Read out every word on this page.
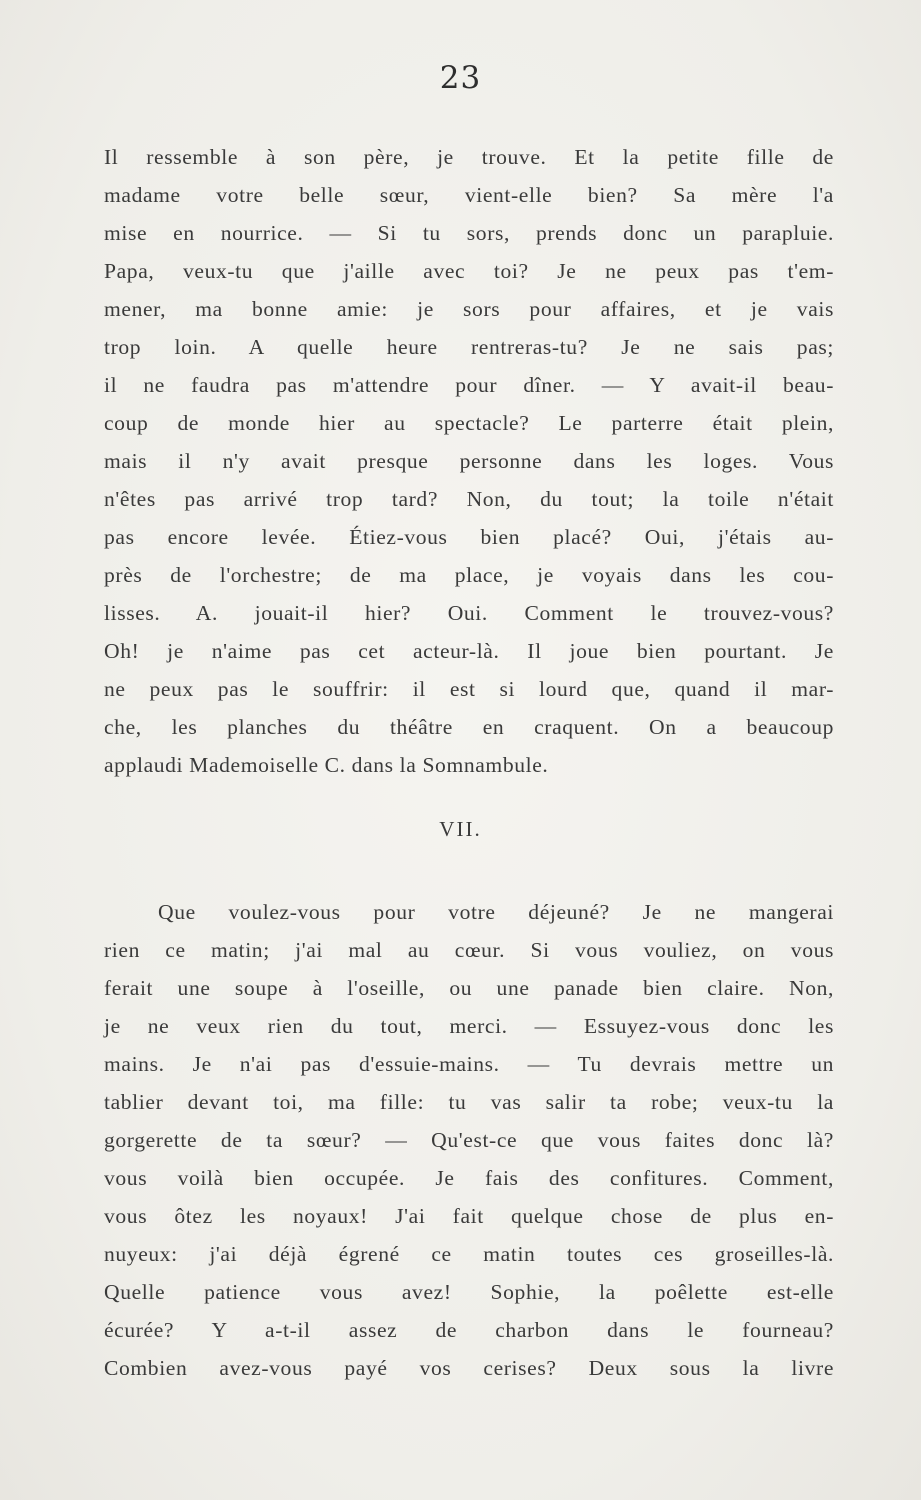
23
Il ressemble à son père, je trouve. Et la petite fille de
madame votre belle sœur, vient-elle bien? Sa mère l'a
mise en nourrice. — Si tu sors, prends donc un parapluie.
Papa, veux-tu que j'aille avec toi? Je ne peux pas t'em-
mener, ma bonne amie: je sors pour affaires, et je vais
trop loin. A quelle heure rentreras-tu? Je ne sais pas;
il ne faudra pas m'attendre pour dîner. — Y avait-il beau-
coup de monde hier au spectacle? Le parterre était plein,
mais il n'y avait presque personne dans les loges. Vous
n'êtes pas arrivé trop tard? Non, du tout; la toile n'était
pas encore levée. Étiez-vous bien placé? Oui, j'étais au-
près de l'orchestre; de ma place, je voyais dans les cou-
lisses. A. jouait-il hier? Oui. Comment le trouvez-vous?
Oh! je n'aime pas cet acteur-là. Il joue bien pourtant. Je
ne peux pas le souffrir: il est si lourd que, quand il mar-
che, les planches du théâtre en craquent. On a beaucoup
applaudi Mademoiselle C. dans la Somnambule.
VII.
Que voulez-vous pour votre déjeuné? Je ne mangerai
rien ce matin; j'ai mal au cœur. Si vous vouliez, on vous
ferait une soupe à l'oseille, ou une panade bien claire. Non,
je ne veux rien du tout, merci. — Essuyez-vous donc les
mains. Je n'ai pas d'essuie-mains. — Tu devrais mettre un
tablier devant toi, ma fille: tu vas salir ta robe; veux-tu la
gorgerette de ta sœur? — Qu'est-ce que vous faites donc là?
vous voilà bien occupée. Je fais des confitures. Comment,
vous ôtez les noyaux! J'ai fait quelque chose de plus en-
nuyeux: j'ai déjà égrené ce matin toutes ces groseilles-là.
Quelle patience vous avez! Sophie, la poêlette est-elle
écurée? Y a-t-il assez de charbon dans le fourneau?
Combien avez-vous payé vos cerises? Deux sous la livre
